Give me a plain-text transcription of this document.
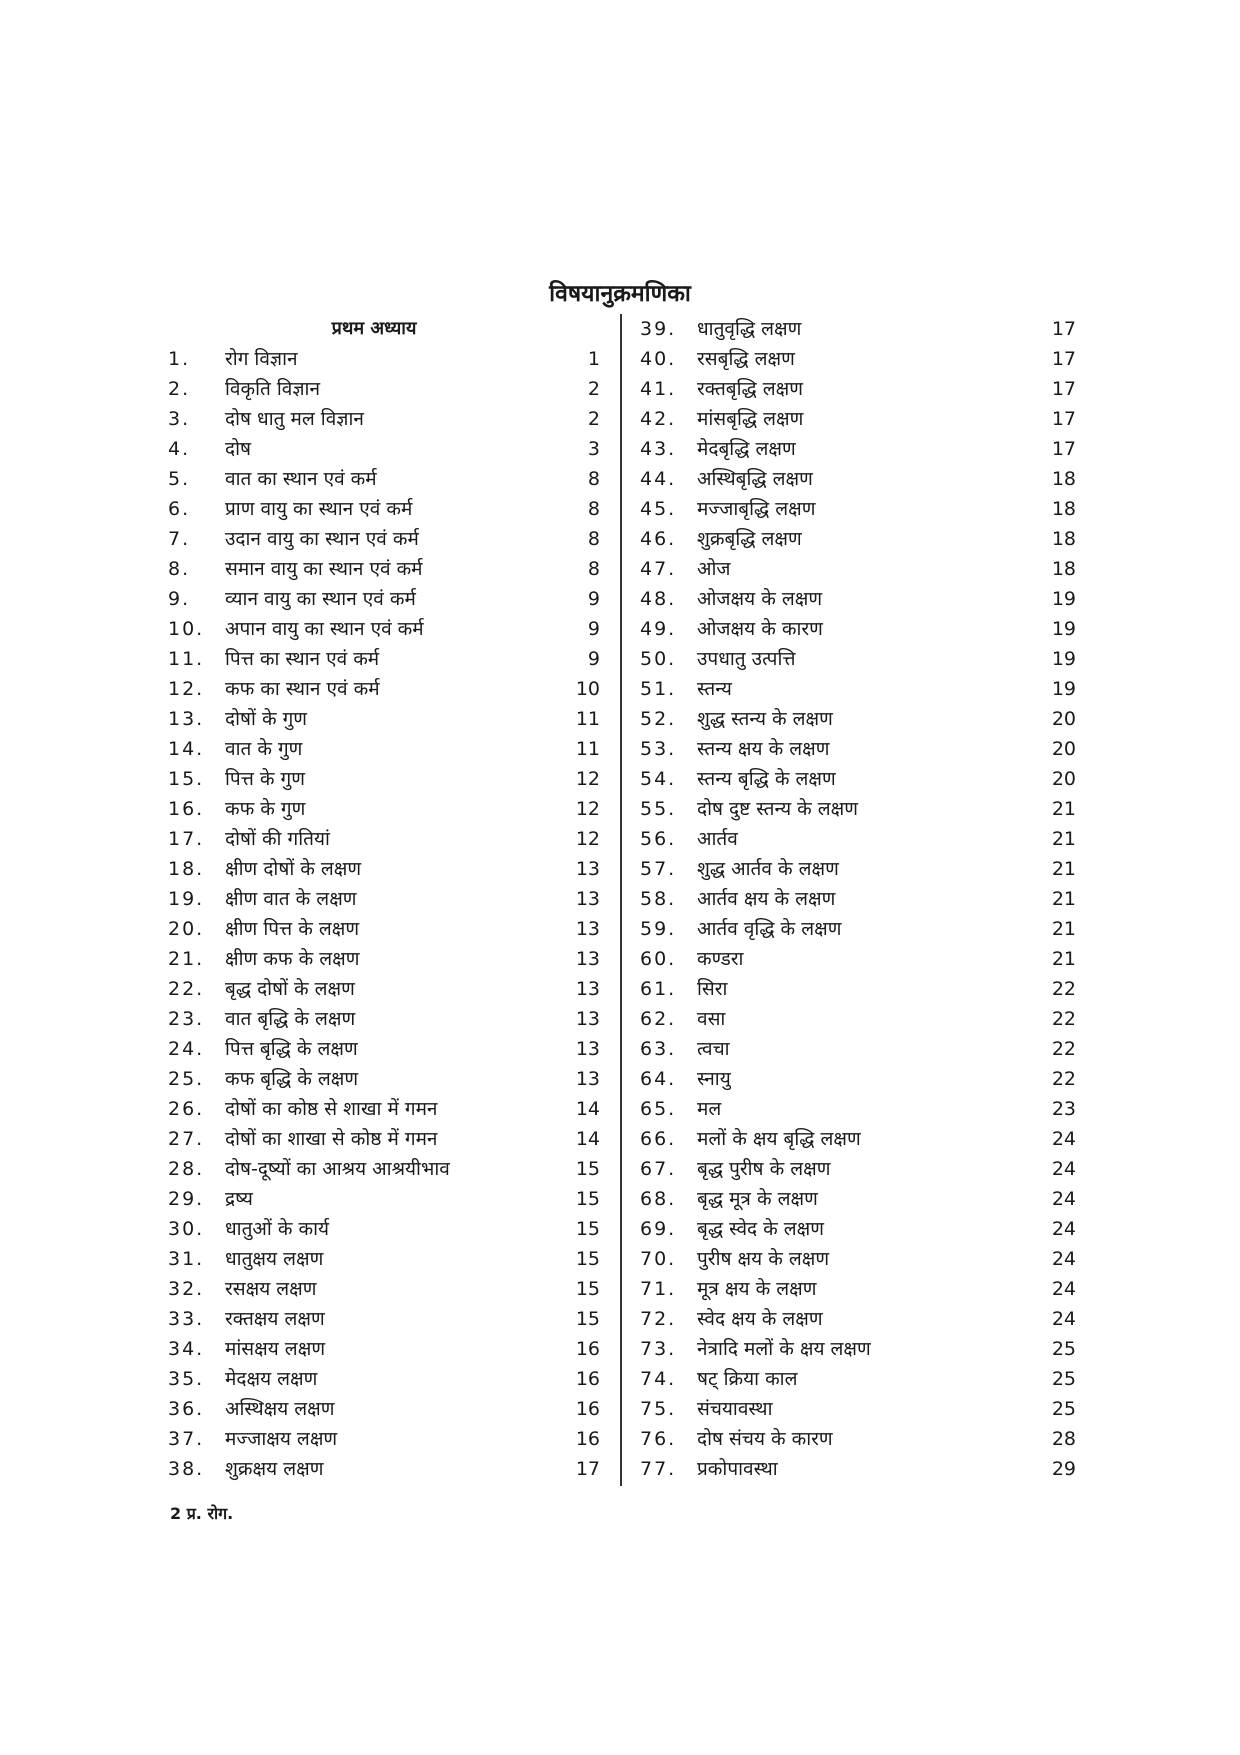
विषयानुक्रमणिका
प्रथम अध्याय
1.	रोग विज्ञान	1
2.	विकृति विज्ञान	2
3.	दोष धातु मल विज्ञान	2
4.	दोष	3
5.	वात का स्थान एवं कर्म	8
6.	प्राण वायु का स्थान एवं कर्म	8
7.	उदान वायु का स्थान एवं कर्म	8
8.	समान वायु का स्थान एवं कर्म	8
9.	व्यान वायु का स्थान एवं कर्म	9
10.	अपान वायु का स्थान एवं कर्म	9
11.	पित्त का स्थान एवं कर्म	9
12.	कफ का स्थान एवं कर्म	10
13.	दोषों के गुण	11
14.	वात के गुण	11
15.	पित्त के गुण	12
16.	कफ के गुण	12
17.	दोषों की गतियां	12
18.	क्षीण दोषों के लक्षण	13
19.	क्षीण वात के लक्षण	13
20.	क्षीण पित्त के लक्षण	13
21.	क्षीण कफ के लक्षण	13
22.	बृद्ध दोषों के लक्षण	13
23.	वात बृद्धि के लक्षण	13
24.	पित्त बृद्धि के लक्षण	13
25.	कफ बृद्धि के लक्षण	13
26.	दोषों का कोष्ठ से शाखा में गमन	14
27.	दोषों का शाखा से कोष्ठ में गमन	14
28.	दोष-दूष्यों का आश्रय आश्रयीभाव	15
29.	द्रष्य	15
30.	धातुओं के कार्य	15
31.	धातुक्षय लक्षण	15
32.	रसक्षय लक्षण	15
33.	रक्तक्षय लक्षण	15
34.	मांसक्षय लक्षण	16
35.	मेदक्षय लक्षण	16
36.	अस्थिक्षय लक्षण	16
37.	मज्जाक्षय लक्षण	16
38.	शुक्रक्षय लक्षण	17
39.	धातुवृद्धि लक्षण	17
40.	रसबृद्धि लक्षण	17
41.	रक्तबृद्धि लक्षण	17
42.	मांसबृद्धि लक्षण	17
43.	मेदबृद्धि लक्षण	17
44.	अस्थिबृद्धि लक्षण	18
45.	मज्जाबृद्धि लक्षण	18
46.	शुक्रबृद्धि लक्षण	18
47.	ओज	18
48.	ओजक्षय के लक्षण	19
49.	ओजक्षय के कारण	19
50.	उपधातु उत्पत्ति	19
51.	स्तन्य	19
52.	शुद्ध स्तन्य के लक्षण	20
53.	स्तन्य क्षय के लक्षण	20
54.	स्तन्य बृद्धि के लक्षण	20
55.	दोष दुष्ट स्तन्य के लक्षण	21
56.	आर्तव	21
57.	शुद्ध आर्तव के लक्षण	21
58.	आर्तव क्षय के लक्षण	21
59.	आर्तव वृद्धि के लक्षण	21
60.	कण्डरा	21
61.	सिरा	22
62.	वसा	22
63.	त्वचा	22
64.	स्नायु	22
65.	मल	23
66.	मलों के क्षय बृद्धि लक्षण	24
67.	बृद्ध पुरीष के लक्षण	24
68.	बृद्ध मूत्र के लक्षण	24
69.	बृद्ध स्वेद के लक्षण	24
70.	पुरीष क्षय के लक्षण	24
71.	मूत्र क्षय के लक्षण	24
72.	स्वेद क्षय के लक्षण	24
73.	नेत्रादि मलों के क्षय लक्षण	25
74.	षट् क्रिया काल	25
75.	संचयावस्था	25
76.	दोष संचय के कारण	28
77.	प्रकोपावस्था	29
2 प्र. रोग.
